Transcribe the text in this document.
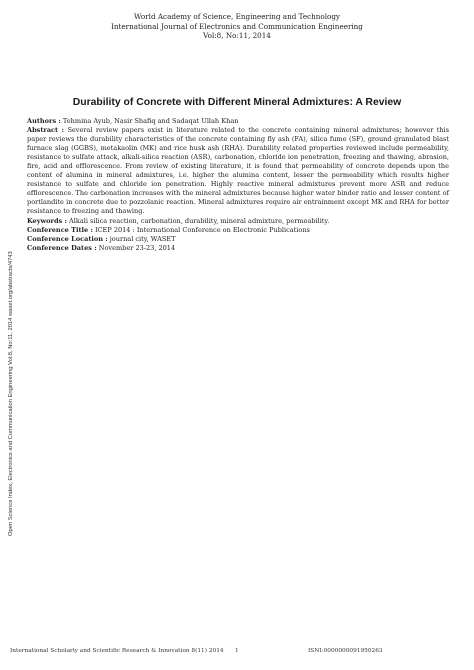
World Academy of Science, Engineering and Technology
International Journal of Electronics and Communication Engineering
Vol:8, No:11, 2014
Durability of Concrete with Different Mineral Admixtures: A Review

Authors : Tehmina Ayub, Nasir Shafiq and Sadaqat Ullah Khan

Abstract : Several review papers exist in literature related to the concrete containing mineral admixtures; however this paper reviews the durability characteristics of the concrete containing fly ash (FA), silica fume (SF), ground granulated blast furnace slag (GGBS), metakaolin (MK) and rice husk ash (RHA). Durability related properties reviewed include permeability, resistance to sulfate attack, alkali-silica reaction (ASR), carbonation, chloride ion penetration, freezing and thawing, abrasion, fire, acid and efflorescence. From review of existing literature, it is found that permeability of concrete depends upon the content of alumina in mineral admixtures, i.e. higher the alumina content, lesser the permeability which results higher resistance to sulfate and chloride ion penetration. Highly reactive mineral admixtures prevent more ASR and reduce efflorescence. The carbonation increases with the mineral admixtures because higher water binder ratio and lesser content of portlandite in concrete due to pozzolanic reaction. Mineral admixtures require air entrainment except MK and RHA for better resistance to freezing and thawing.

Keywords : Alkali silica reaction, carbonation, durability, mineral admixture, permeability.

Conference Title : ICEP 2014 : International Conference on Electronic Publications

Conference Location : journal city, WASET

Conference Dates : November 23-23, 2014

Open Science Index, Electronics and Communication Engineering Vol:8, No:11, 2014 waset.org/abstracts/4743
International Scholarly and Scientific Research & Innovation 8(11) 2014 1	ISNI:0000000091950263
